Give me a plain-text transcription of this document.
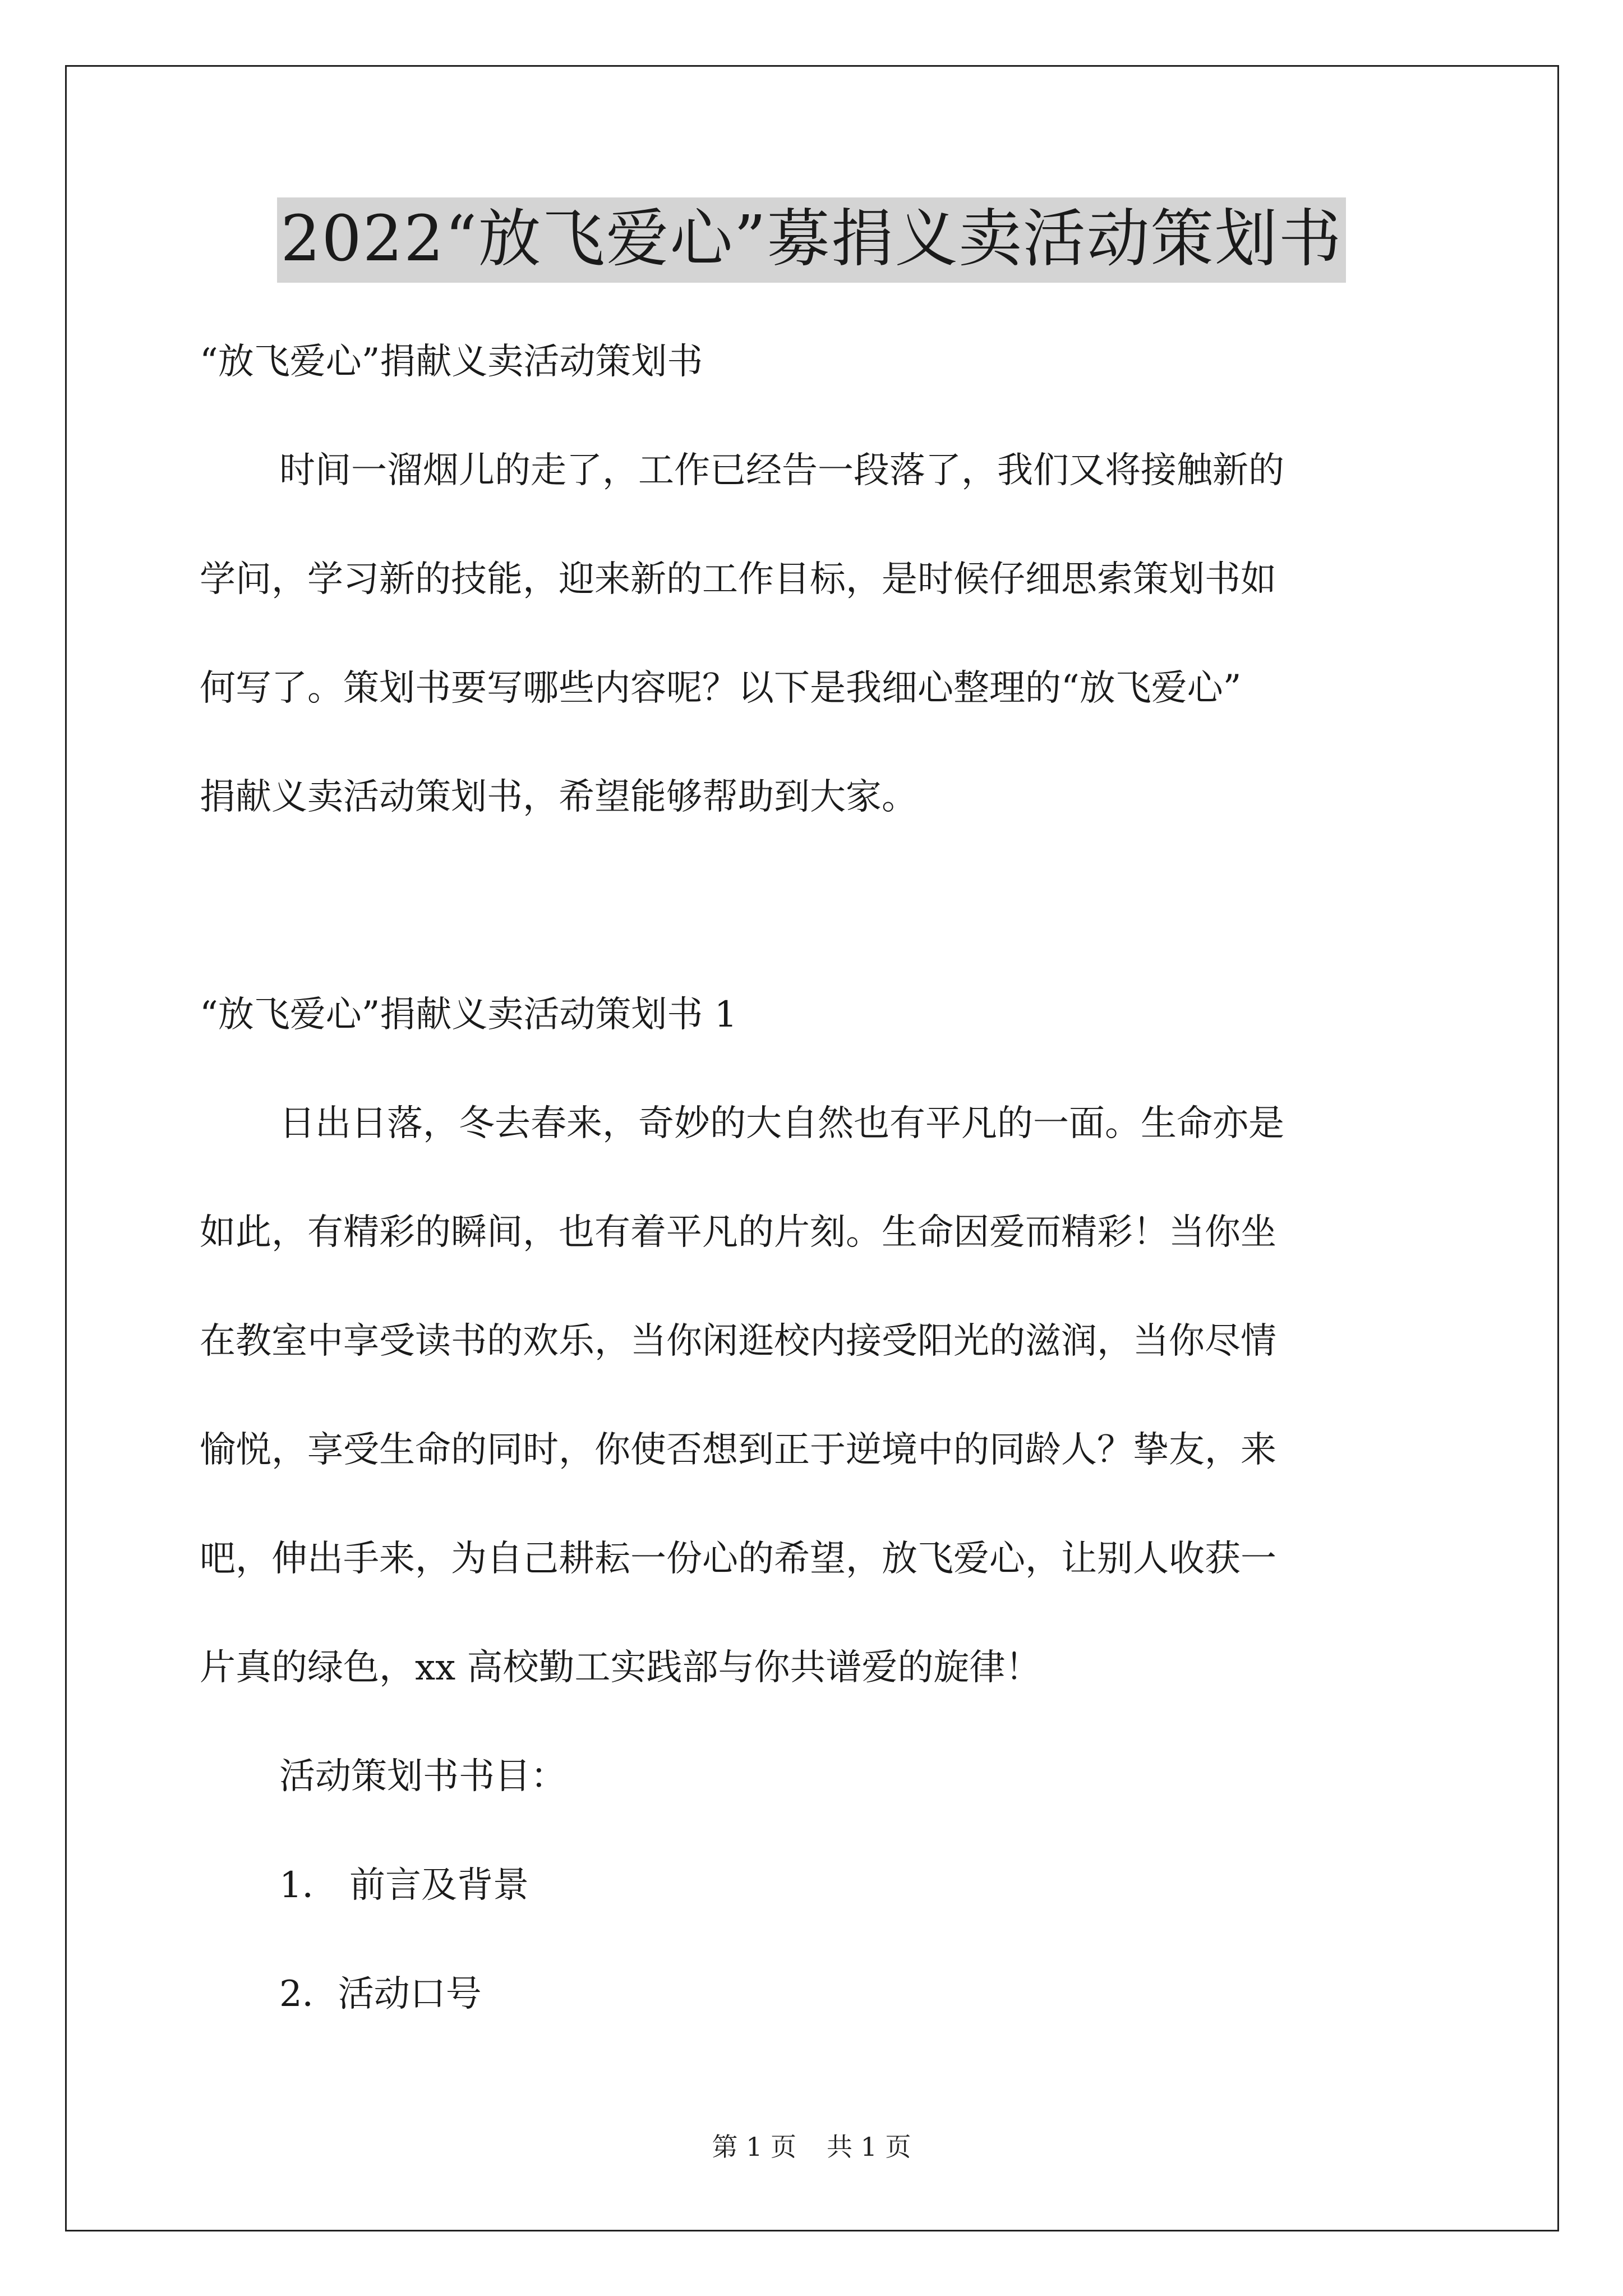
2022“放飞爱心”募捐义卖活动策划书
“放飞爱心”捐献义卖活动策划书
时间一溜烟儿的走了，工作已经告一段落了，我们又将接触新的
学问，学习新的技能，迎来新的工作目标，是时候仔细思索策划书如
何写了。策划书要写哪些内容呢？以下是我细心整理的“放飞爱心”
捐献义卖活动策划书，希望能够帮助到大家。
“放飞爱心”捐献义卖活动策划书 1
日出日落，冬去春来，奇妙的大自然也有平凡的一面。生命亦是
如此，有精彩的瞬间，也有着平凡的片刻。生命因爱而精彩！当你坐
在教室中享受读书的欢乐，当你闲逛校内接受阳光的滋润，当你尽情
愉悦，享受生命的同时，你使否想到正于逆境中的同龄人？挚友，来
吧，伸出手来，为自己耕耘一份心的希望，放飞爱心，让别人收获一
片真的绿色，xx 高校勤工实践部与你共谱爱的旋律！
活动策划书书目：
1． 前言及背景
2．活动口号
第 1 页 共 1 页
